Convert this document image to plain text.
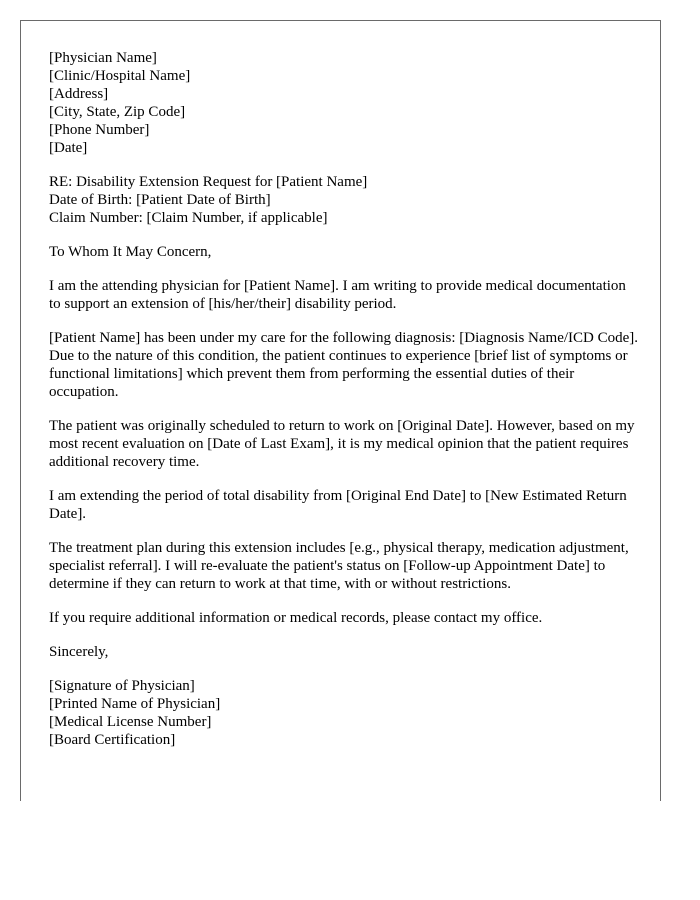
[Physician Name]
[Clinic/Hospital Name]
[Address]
[City, State, Zip Code]
[Phone Number]
[Date]
RE: Disability Extension Request for [Patient Name]
Date of Birth: [Patient Date of Birth]
Claim Number: [Claim Number, if applicable]

To Whom It May Concern,

I am the attending physician for [Patient Name]. I am writing to provide medical documentation to support an extension of [his/her/their] disability period.

[Patient Name] has been under my care for the following diagnosis: [Diagnosis Name/ICD Code]. Due to the nature of this condition, the patient continues to experience [brief list of symptoms or functional limitations] which prevent them from performing the essential duties of their occupation.

The patient was originally scheduled to return to work on [Original Date]. However, based on my most recent evaluation on [Date of Last Exam], it is my medical opinion that the patient requires additional recovery time.

I am extending the period of total disability from [Original End Date] to [New Estimated Return Date].

The treatment plan during this extension includes [e.g., physical therapy, medication adjustment, specialist referral]. I will re-evaluate the patient's status on [Follow-up Appointment Date] to determine if they can return to work at that time, with or without restrictions.

If you require additional information or medical records, please contact my office.

Sincerely,

[Signature of Physician]
[Printed Name of Physician]
[Medical License Number]
[Board Certification]
